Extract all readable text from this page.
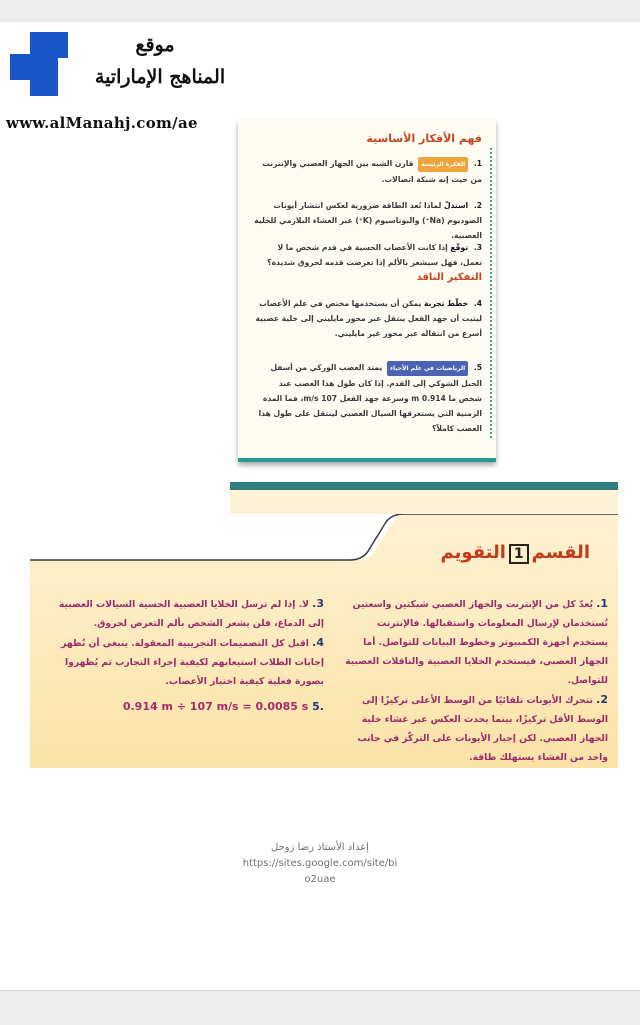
موقع
المناهج الإماراتية
www.alManahj.com/ae
فهم الأفكار الأساسية
1. الفكرة الرئيسة قارن الشبه بين الجهاز العصبي والإنترنت من حيث إنه شبكة اتصالات.
2. استدلّ لماذا تُعد الطاقة ضرورية لعكس انتشار أيونات الصوديوم (Na⁺) والبوتاسيوم (K⁺) عبر الغشاء البلازمي للخلية العصبية.
3. توقّع إذا كانت الأعصاب الحسية في قدم شخص ما لا تعمل، فهل سيشعر بالألم إذا تعرضت قدمه لحروق شديدة؟
التفكير الناقد
4. خطّط تجربة يمكن أن يستخدمها مختص في علم الأعصاب ليثبت أن جهد الفعل ينتقل عبر محور مايليني إلى خلية عصبية أسرع من انتقاله عبر محور غير مايليني.
5. الرياضيات في علم الأحياء يمتد العصب الوركي من أسفل الحبل الشوكي إلى القدم. إذا كان طول هذا العصب عند شخص ما 0.914 m وسرعة جهد الفعل 107 m/s، فما المدة الزمنية التي يستغرقها السيال العصبي لينتقل على طول هذا العصب كاملاً؟
القسم1التقويم
1. يُعدّ كل من الإنترنت والجهاز العصبي شبكتين واسعتين تُستخدمان لإرسال المعلومات واستقبالها. فالإنترنت يستخدم أجهزة الكمبيوتر وخطوط البيانات للتواصل. أما الجهاز العصبي، فيستخدم الخلايا العصبية والناقلات العصبية للتواصل.
2. تتحرك الأيونات تلقائيًا من الوسط الأعلى تركيزًا إلى الوسط الأقل تركيزًا، بينما يحدث العكس عبر غشاء خلية الجهاز العصبي. لكن إجبار الأيونات على التركّز في جانب واحد من الغشاء يستهلك طاقة.
3. لا. إذا لم ترسل الخلايا العصبية الحسية السيالات العصبية إلى الدماغ، فلن يشعر الشخص بألم التعرض لحروق.
4. اقبل كل التصميمات التجريبية المعقولة. ينبغي أن تُظهر إجابات الطلاب استيعابهم لكيفية إجراء التجارب ثم يُظهروا بصورة فعلية كيفية اختبار الأعصاب.
0.914 m ÷ 107 m/s = 0.0085 s 5.
إعداد الأستاذ رضا زوحل
https://sites.google.com/site/bi
o2uae
